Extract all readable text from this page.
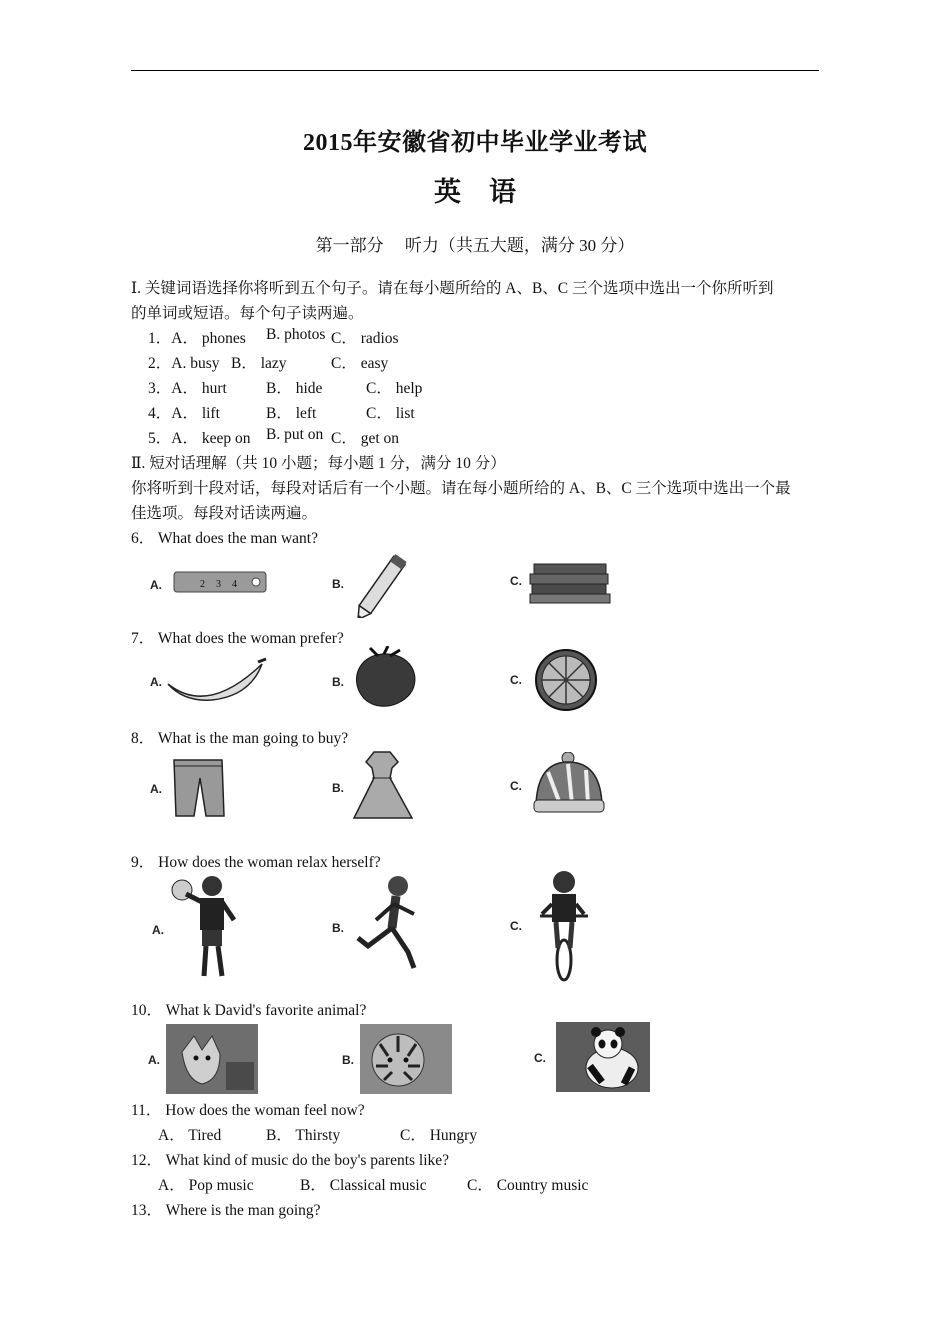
2015年安徽省初中毕业学业考试
英 语
第一部分　 听力（共五大题，满分 30 分）
Ⅰ. 关键词语选择你将听到五个句子。请在每小题所给的 A、B、C 三个选项中选出一个你所听到
的单词或短语。每个句子读两遍。
1．A． phones B. photos C． radios
2．A. busy B． lazy	C． easy
3．A． hurt	B． hide	C． help
4．A． lift	B． left	C． list
5．A． keep on B. put on C． get on
Ⅱ. 短对话理解（共 10 小题；每小题 1 分，满分 10 分）
你将听到十段对话，每段对话后有一个小题。请在每小题所给的 A、B、C 三个选项中选出一个最
佳选项。每段对话读两遍。
6． What does the man want?
A.	2 3 4	B.	C.
7． What does the woman prefer?
A.	B.	C.
8． What is the man going to buy?
A.	B.	C.
9． How does the woman relax herself?
A.	B.	C.
10． What k David's favorite animal?
A.	B.	C.
11． How does the woman feel now?
A． Tired	B． Thirsty	C． Hungry
12． What kind of music do the boy's parents like?
A． Pop music	B． Classical music	C． Country music
13． Where is the man going?
